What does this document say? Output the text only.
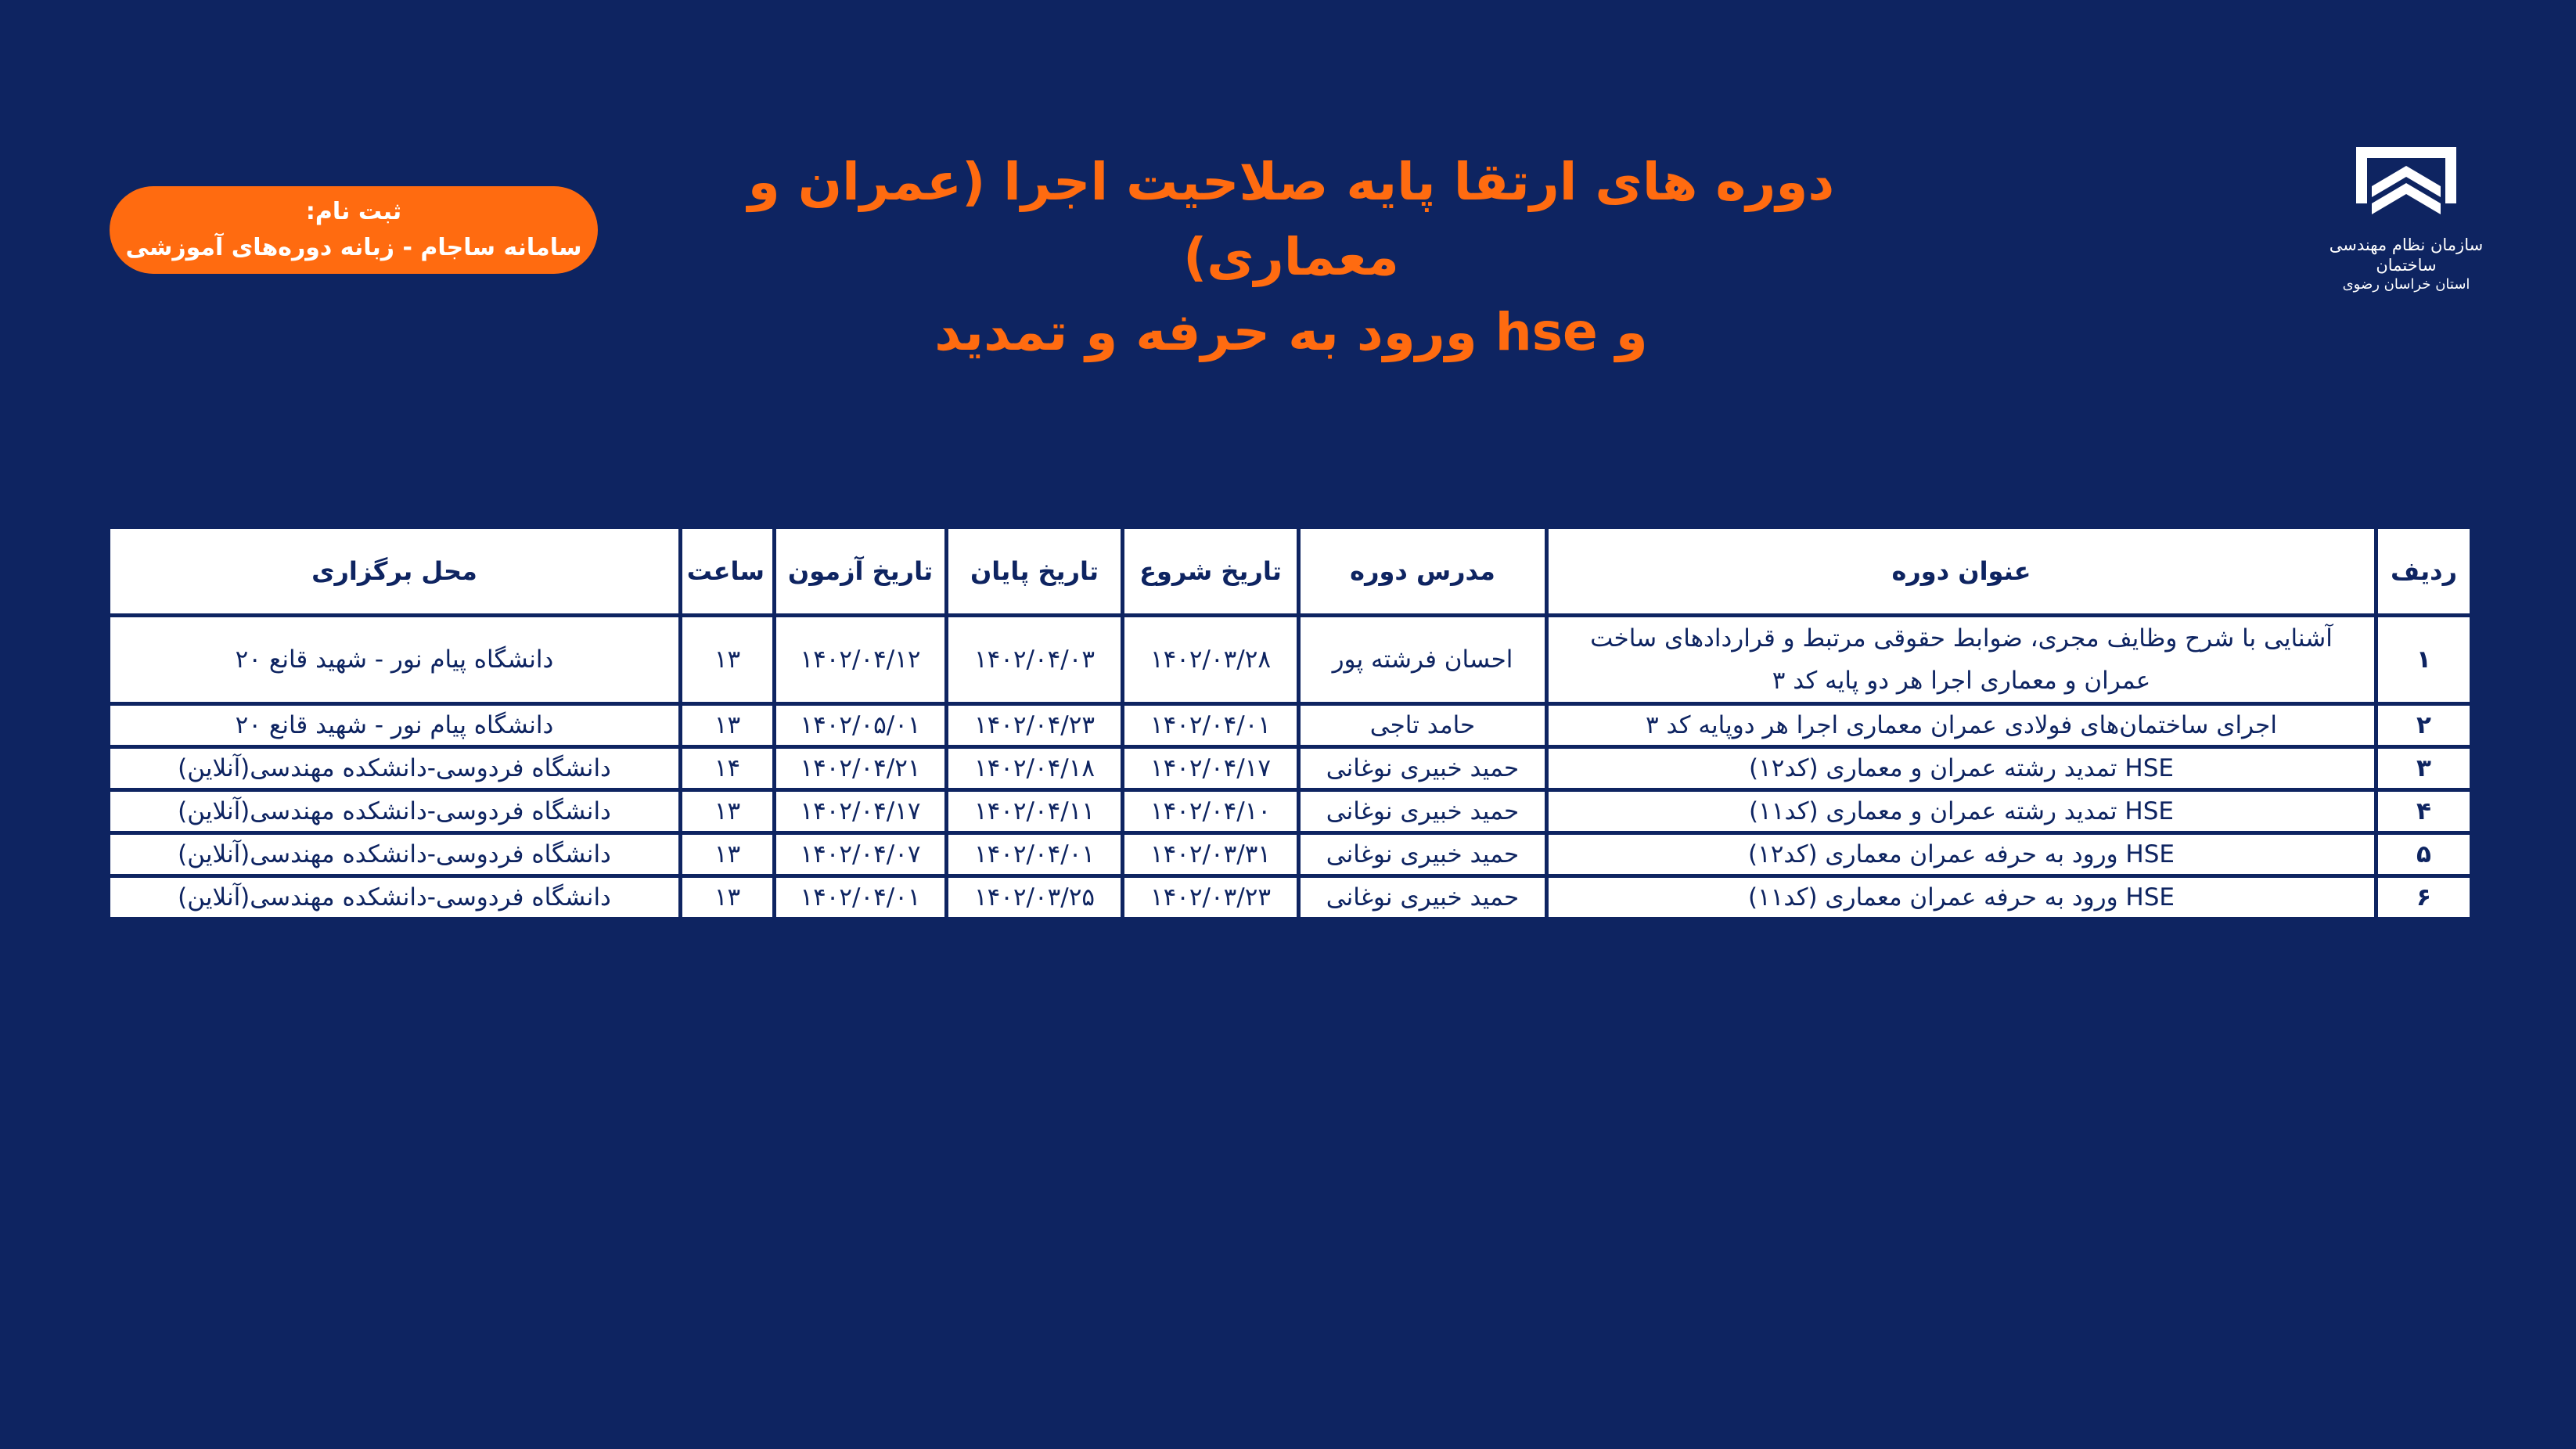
دوره های ارتقا پایه صلاحیت اجرا (عمران و معماری)
و hse ورود به حرفه و تمدید
ثبت نام:
سامانه ساجام - زبانه دوره‌های آموزشی	سازمان نظام مهندسی ساختمان
استان خراسان رضوی
ردیف	عنوان دوره	مدرس دوره	تاریخ شروع	تاریخ پایان	تاریخ آزمون	ساعت	محل برگزاری
۱	آشنایی با شرح وظایف مجری، ضوابط حقوقی مرتبط و قراردادهای ساخت عمران و معماری اجرا هر دو پایه کد ۳	احسان فرشته پور	۱۴۰۲/۰۳/۲۸	۱۴۰۲/۰۴/۰۳	۱۴۰۲/۰۴/۱۲	۱۳	دانشگاه پیام نور - شهید قانع ۲۰
۲	اجرای ساختمان‌های فولادی عمران معماری اجرا هر دوپایه کد ۳	حامد تاجی	۱۴۰۲/۰۴/۰۱	۱۴۰۲/۰۴/۲۳	۱۴۰۲/۰۵/۰۱	۱۳	دانشگاه پیام نور - شهید قانع ۲۰
۳	HSE تمدید رشته عمران و معماری (کد۱۲)	حمید خبیری نوغانی	۱۴۰۲/۰۴/۱۷	۱۴۰۲/۰۴/۱۸	۱۴۰۲/۰۴/۲۱	۱۴	دانشگاه فردوسی-دانشکده مهندسی(آنلاین)
۴	HSE تمدید رشته عمران و معماری (کد۱۱)	حمید خبیری نوغانی	۱۴۰۲/۰۴/۱۰	۱۴۰۲/۰۴/۱۱	۱۴۰۲/۰۴/۱۷	۱۳	دانشگاه فردوسی-دانشکده مهندسی(آنلاین)
۵	HSE ورود به حرفه عمران معماری (کد۱۲)	حمید خبیری نوغانی	۱۴۰۲/۰۳/۳۱	۱۴۰۲/۰۴/۰۱	۱۴۰۲/۰۴/۰۷	۱۳	دانشگاه فردوسی-دانشکده مهندسی(آنلاین)
۶	HSE ورود به حرفه عمران معماری (کد۱۱)	حمید خبیری نوغانی	۱۴۰۲/۰۳/۲۳	۱۴۰۲/۰۳/۲۵	۱۴۰۲/۰۴/۰۱	۱۳	دانشگاه فردوسی-دانشکده مهندسی(آنلاین)
